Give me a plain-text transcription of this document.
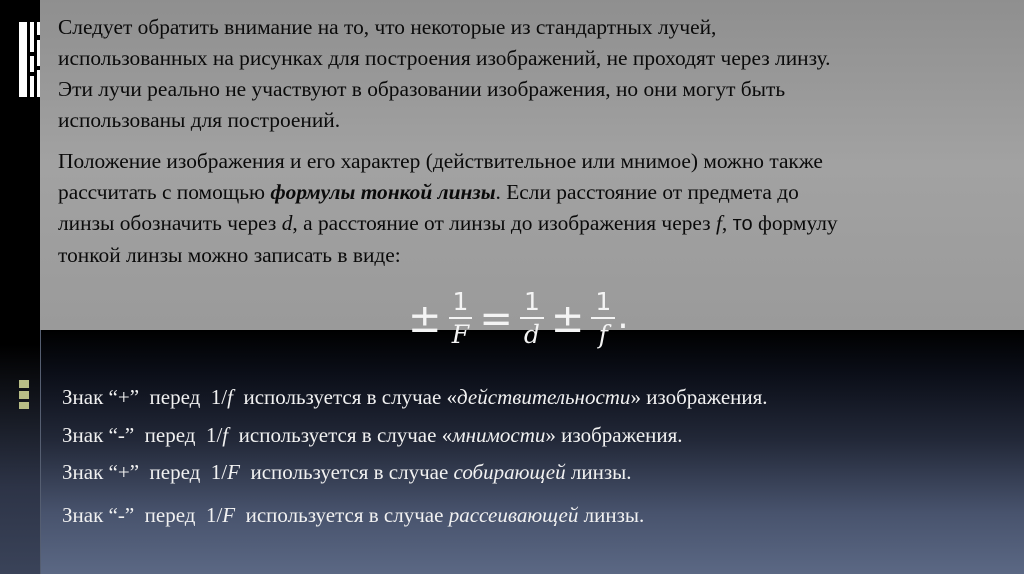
Следует обратить внимание на то, что некоторые из стандартных лучей,
использованных на рисунках для построения изображений, не проходят через линзу.
Эти лучи реально не участвуют в образовании изображения, но они могут быть
использованы для построений.

Положение изображения и его характер (действительное или мнимое) можно также
рассчитать с помощью формулы тонкой линзы. Если расстояние от предмета до
линзы обозначить через d, а расстояние от линзы до изображения через f, то формулу
тонкой линзы можно записать в виде:

± $\frac{1}{F} = \frac{1}{d} \pm \frac{1}{f}$ .
Знак “+”  перед  1/f  используется в случае «действительности» изображения.
Знак “-”  перед  1/f  используется в случае «мнимости» изображения.
Знак “+”  перед  1/F  используется в случае собирающей линзы.
Знак “-”  перед  1/F  используется в случае рассеивающей линзы.
